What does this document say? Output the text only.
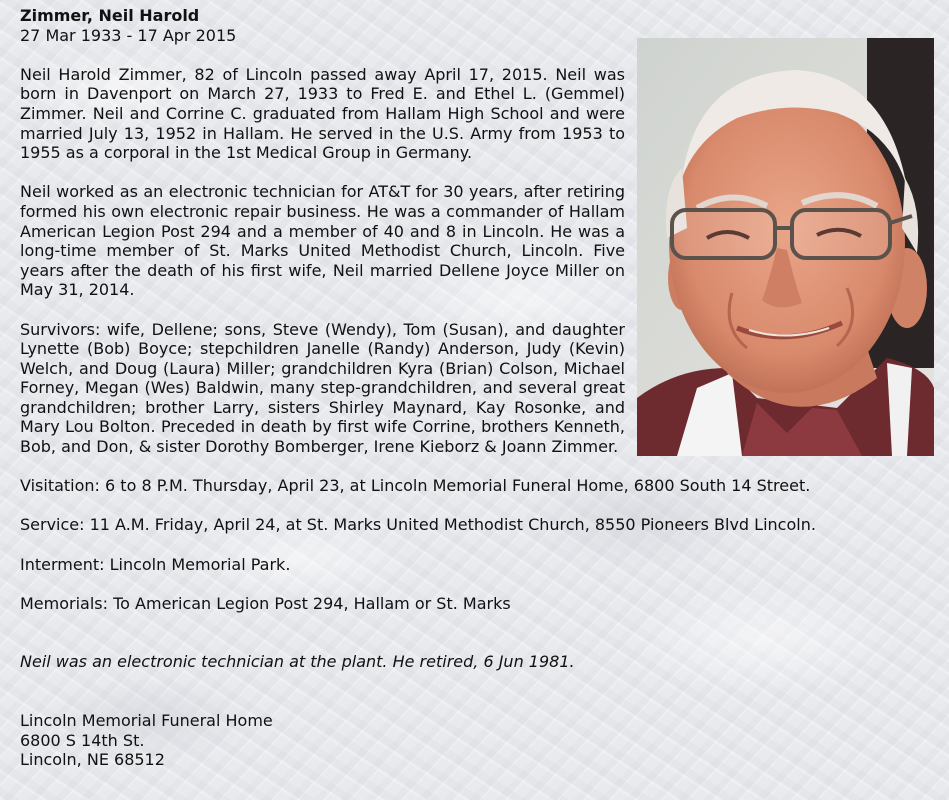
Zimmer, Neil Harold

27 Mar 1933 - 17 Apr 2015

Neil Harold Zimmer, 82 of Lincoln passed away April 17, 2015. Neil was born in Davenport on March 27, 1933 to Fred E. and Ethel L. (Gemmel) Zimmer. Neil and Corrine C. graduated from Hallam High School and were married July 13, 1952 in Hallam. He served in the U.S. Army from 1953 to 1955 as a corporal in the 1st Medical Group in Germany.

Neil worked as an electronic technician for AT&T for 30 years, after retiring formed his own electronic repair business. He was a commander of Hallam American Legion Post 294 and a member of 40 and 8 in Lincoln. He was a long-time member of St. Marks United Methodist Church, Lincoln. Five years after the death of his first wife, Neil married Dellene Joyce Miller on May 31, 2014.

Survivors: wife, Dellene; sons, Steve (Wendy), Tom (Susan), and daughter Lynette (Bob) Boyce; stepchildren Janelle (Randy) Anderson, Judy (Kevin) Welch, and Doug (Laura) Miller; grandchildren Kyra (Brian) Colson, Michael Forney, Megan (Wes) Baldwin, many step-grandchildren, and several great grandchildren; brother Larry, sisters Shirley Maynard, Kay Rosonke, and Mary Lou Bolton. Preceded in death by first wife Corrine, brothers Kenneth, Bob, and Don, & sister Dorothy Bomberger, Irene Kieborz & Joann Zimmer.

Visitation: 6 to 8 P.M. Thursday, April 23, at Lincoln Memorial Funeral Home, 6800 South 14 Street.

Service: 11 A.M. Friday, April 24, at St. Marks United Methodist Church, 8550 Pioneers Blvd Lincoln.

Interment: Lincoln Memorial Park.

Memorials: To American Legion Post 294, Hallam or St. Marks

Neil was an electronic technician at the plant. He retired, 6 Jun 1981.

Lincoln Memorial Funeral Home

6800 S 14th St.

Lincoln, NE 68512
